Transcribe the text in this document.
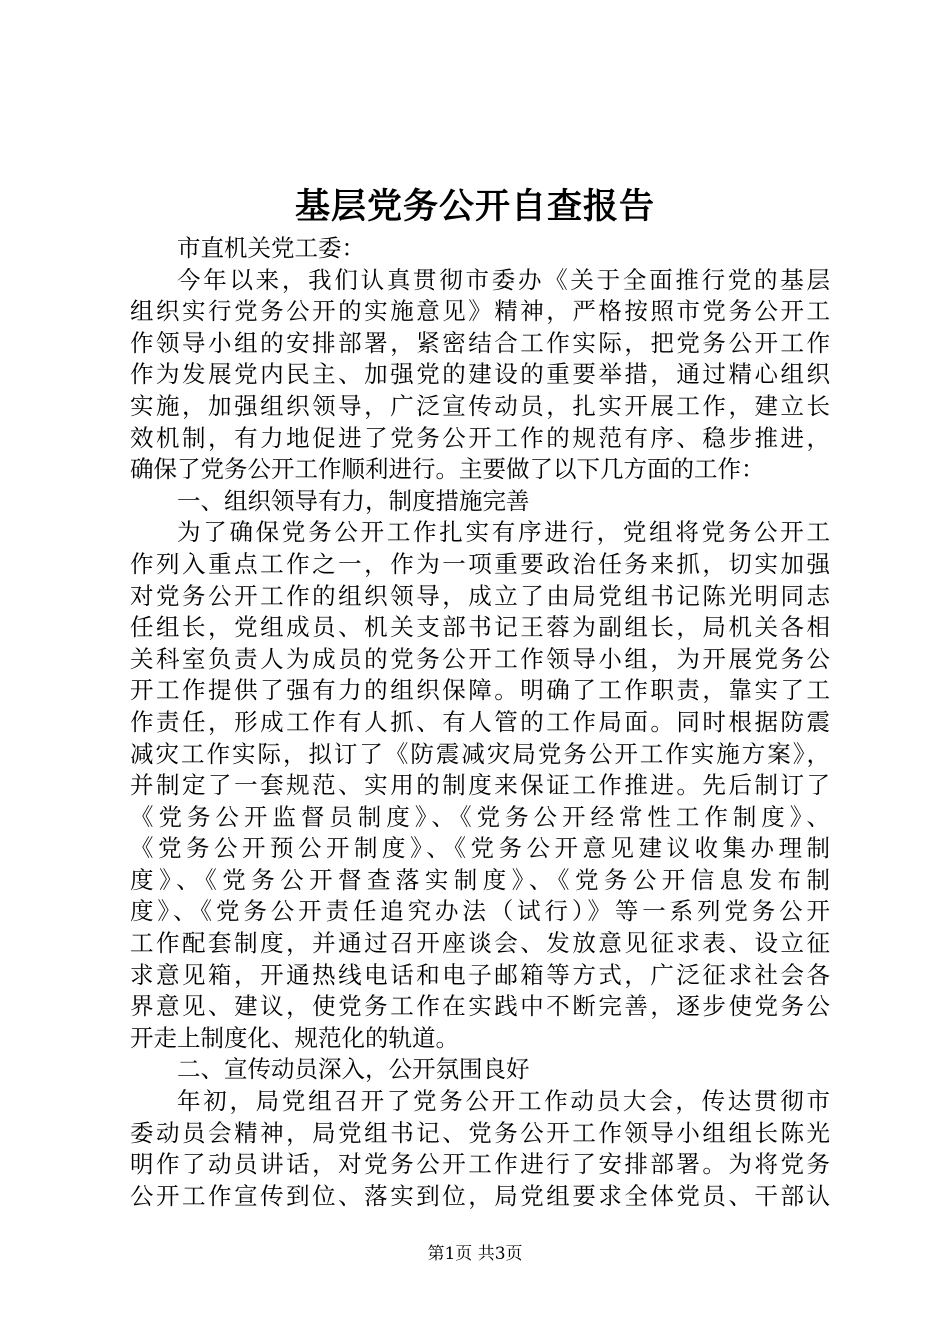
基层党务公开自查报告
市直机关党工委：
今年以来，我们认真贯彻市委办《关于全面推行党的基层
组织实行党务公开的实施意见》精神，严格按照市党务公开工
作领导小组的安排部署，紧密结合工作实际，把党务公开工作
作为发展党内民主、加强党的建设的重要举措，通过精心组织
实施，加强组织领导，广泛宣传动员，扎实开展工作，建立长
效机制，有力地促进了党务公开工作的规范有序、稳步推进，
确保了党务公开工作顺利进行。主要做了以下几方面的工作：
一、组织领导有力，制度措施完善
为了确保党务公开工作扎实有序进行，党组将党务公开工
作列入重点工作之一，作为一项重要政治任务来抓，切实加强
对党务公开工作的组织领导，成立了由局党组书记陈光明同志
任组长，党组成员、机关支部书记王蓉为副组长，局机关各相
关科室负责人为成员的党务公开工作领导小组，为开展党务公
开工作提供了强有力的组织保障。明确了工作职责，靠实了工
作责任，形成工作有人抓、有人管的工作局面。同时根据防震
减灾工作实际，拟订了《防震减灾局党务公开工作实施方案》，
并制定了一套规范、实用的制度来保证工作推进。先后制订了
《党务公开监督员制度》、《党务公开经常性工作制度》、
《党务公开预公开制度》、《党务公开意见建议收集办理制
度》、《党务公开督查落实制度》、《党务公开信息发布制
度》、《党务公开责任追究办法（试行）》等一系列党务公开
工作配套制度，并通过召开座谈会、发放意见征求表、设立征
求意见箱，开通热线电话和电子邮箱等方式，广泛征求社会各
界意见、建议，使党务工作在实践中不断完善，逐步使党务公
开走上制度化、规范化的轨道。
二、宣传动员深入，公开氛围良好
年初，局党组召开了党务公开工作动员大会，传达贯彻市
委动员会精神，局党组书记、党务公开工作领导小组组长陈光
明作了动员讲话，对党务公开工作进行了安排部署。为将党务
公开工作宣传到位、落实到位，局党组要求全体党员、干部认
第1页 共3页
